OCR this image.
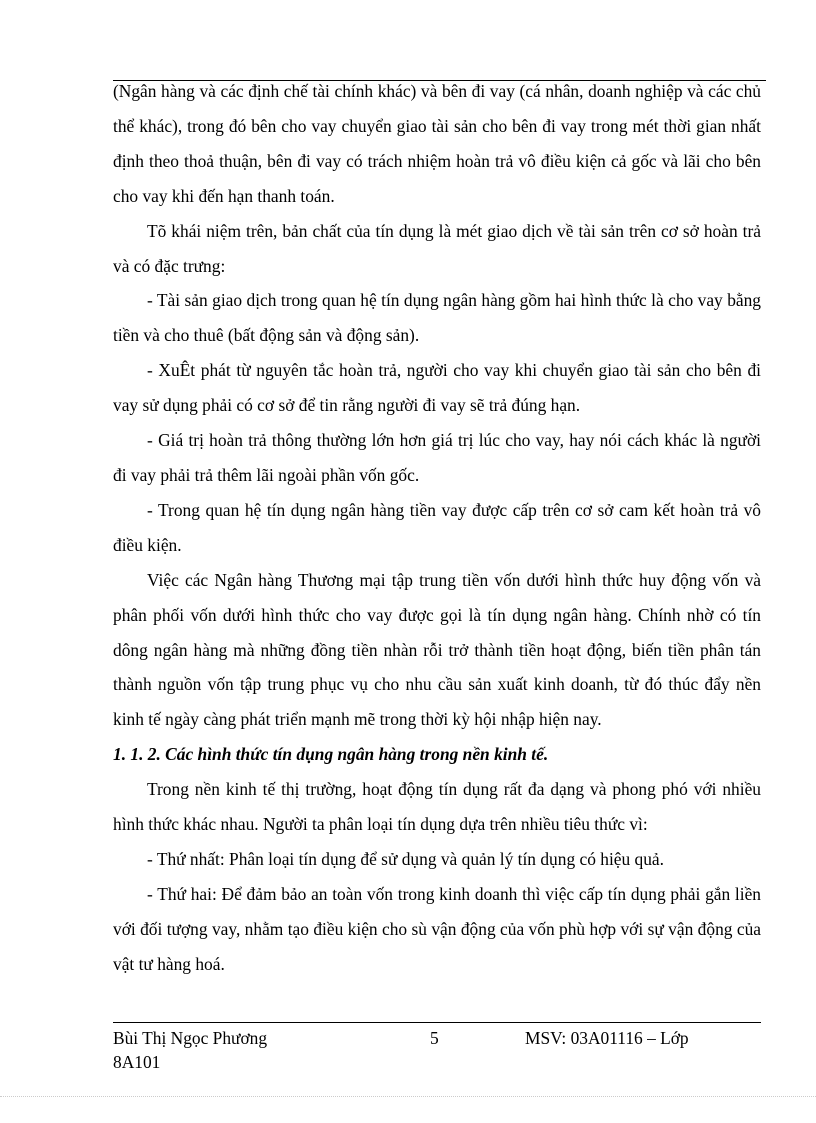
(Ngân hàng và các định chế tài chính khác) và bên đi vay (cá nhân, doanh nghiệp và các chủ thể khác), trong đó bên cho vay chuyển giao tài sản cho bên đi vay trong mét thời gian nhất định theo thoả thuận, bên đi vay có trách nhiệm hoàn trả vô điều kiện cả gốc và lãi cho bên cho vay khi đến hạn thanh toán.

Tõ khái niệm trên, bản chất của tín dụng là mét giao dịch về tài sản trên cơ sở hoàn trả và có đặc trưng:

- Tài sản giao dịch trong quan hệ tín dụng ngân hàng gồm hai hình thức là cho vay bằng tiền và cho thuê (bất động sản và động sản).

- XuÊt phát từ nguyên tắc hoàn trả, người cho vay khi chuyển giao tài sản cho bên đi vay sử dụng phải có cơ sở để tin rằng người đi vay sẽ trả đúng hạn.

- Giá trị hoàn trả thông thường lớn hơn giá trị lúc cho vay, hay nói cách khác là người đi vay phải trả thêm lãi ngoài phần vốn gốc.

- Trong quan hệ tín dụng ngân hàng tiền vay được cấp trên cơ sở cam kết hoàn trả vô điều kiện.

Việc các Ngân hàng Thương mại tập trung tiền vốn dưới hình thức huy động vốn và phân phối vốn dưới hình thức cho vay được gọi là tín dụng ngân hàng. Chính nhờ có tín dông ngân hàng mà những đồng tiền nhàn rỗi trở thành tiền hoạt động, biến tiền phân tán thành nguồn vốn tập trung phục vụ cho nhu cầu sản xuất kinh doanh, từ đó thúc đẩy nền kinh tế ngày càng phát triển mạnh mẽ trong thời kỳ hội nhập hiện nay.

1. 1. 2. Các hình thức tín dụng ngân hàng trong nền kinh tế.

Trong nền kinh tế thị trường, hoạt động tín dụng rất đa dạng và phong phó với nhiều hình thức khác nhau. Người ta phân loại tín dụng dựa trên nhiều tiêu thức vì:

- Thứ nhất: Phân loại tín dụng để sử dụng và quản lý tín dụng có hiệu quả.

- Thứ hai: Để đảm bảo an toàn vốn trong kinh doanh thì việc cấp tín dụng phải gắn liền với đối tượng vay, nhằm tạo điều kiện cho sù vận động của vốn phù hợp với sự vận động của vật tư hàng hoá.

Bùi Thị Ngọc Phương
8A101
5	MSV: 03A01116 – Lớp
